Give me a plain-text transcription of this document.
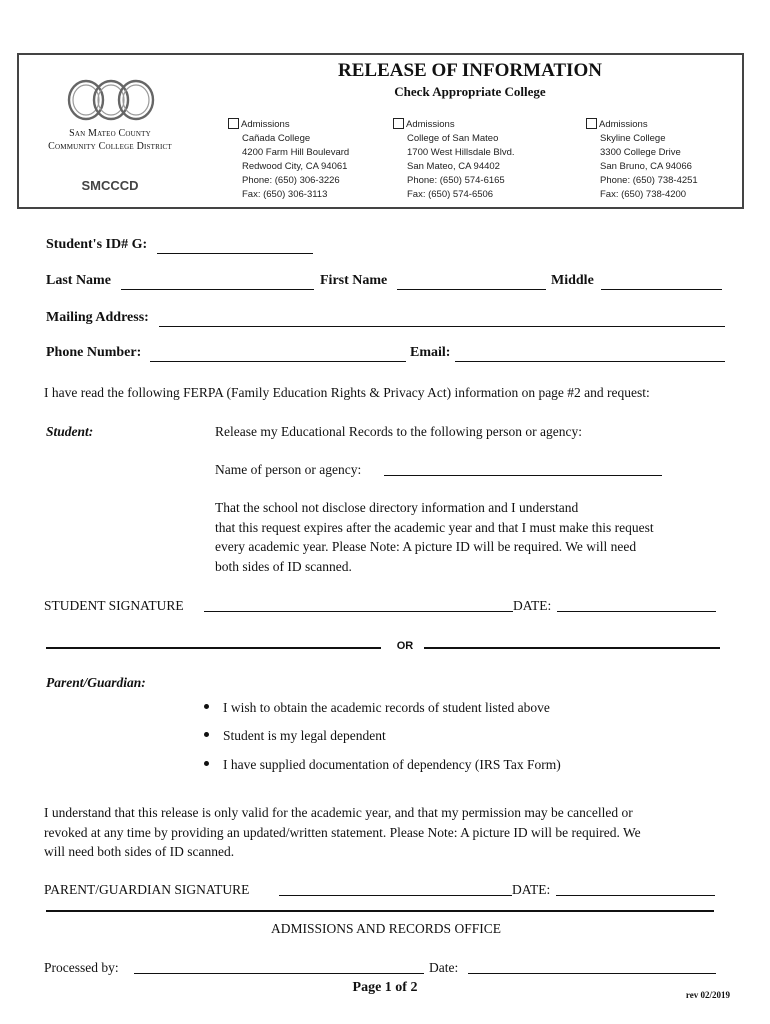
San Mateo County
Community College District
SMCCCD
RELEASE OF INFORMATION
Check Appropriate College
Admissions
Cañada College
4200 Farm Hill Boulevard
Redwood City, CA 94061
Phone: (650) 306-3226
Fax: (650) 306-3113
Admissions
College of San Mateo
1700 West Hillsdale Blvd.
San Mateo, CA 94402
Phone: (650) 574-6165
Fax: (650) 574-6506
Admissions
Skyline College
3300 College Drive
San Bruno, CA 94066
Phone: (650) 738-4251
Fax: (650) 738-4200
Student's ID# G:
Last Name	First Name	Middle
Mailing Address:
Phone Number:	Email:
I have read the following FERPA (Family Education Rights & Privacy Act) information on page #2 and request:
Student:	Release my Educational Records to the following person or agency:
Name of person or agency:
That the school not disclose directory information and I understand
that this request expires after the academic year and that I must make this request
every academic year. Please Note: A picture ID will be required. We will need
both sides of ID scanned.
STUDENT SIGNATURE	DATE:
OR
Parent/Guardian:
I wish to obtain the academic records of student listed above
Student is my legal dependent
I have supplied documentation of dependency (IRS Tax Form)
I understand that this release is only valid for the academic year, and that my permission may be cancelled or
revoked at any time by providing an updated/written statement. Please Note: A picture ID will be required. We
will need both sides of ID scanned.
PARENT/GUARDIAN SIGNATURE	DATE:
ADMISSIONS AND RECORDS OFFICE
Processed by:	Date:
Page 1 of 2	rev 02/2019
